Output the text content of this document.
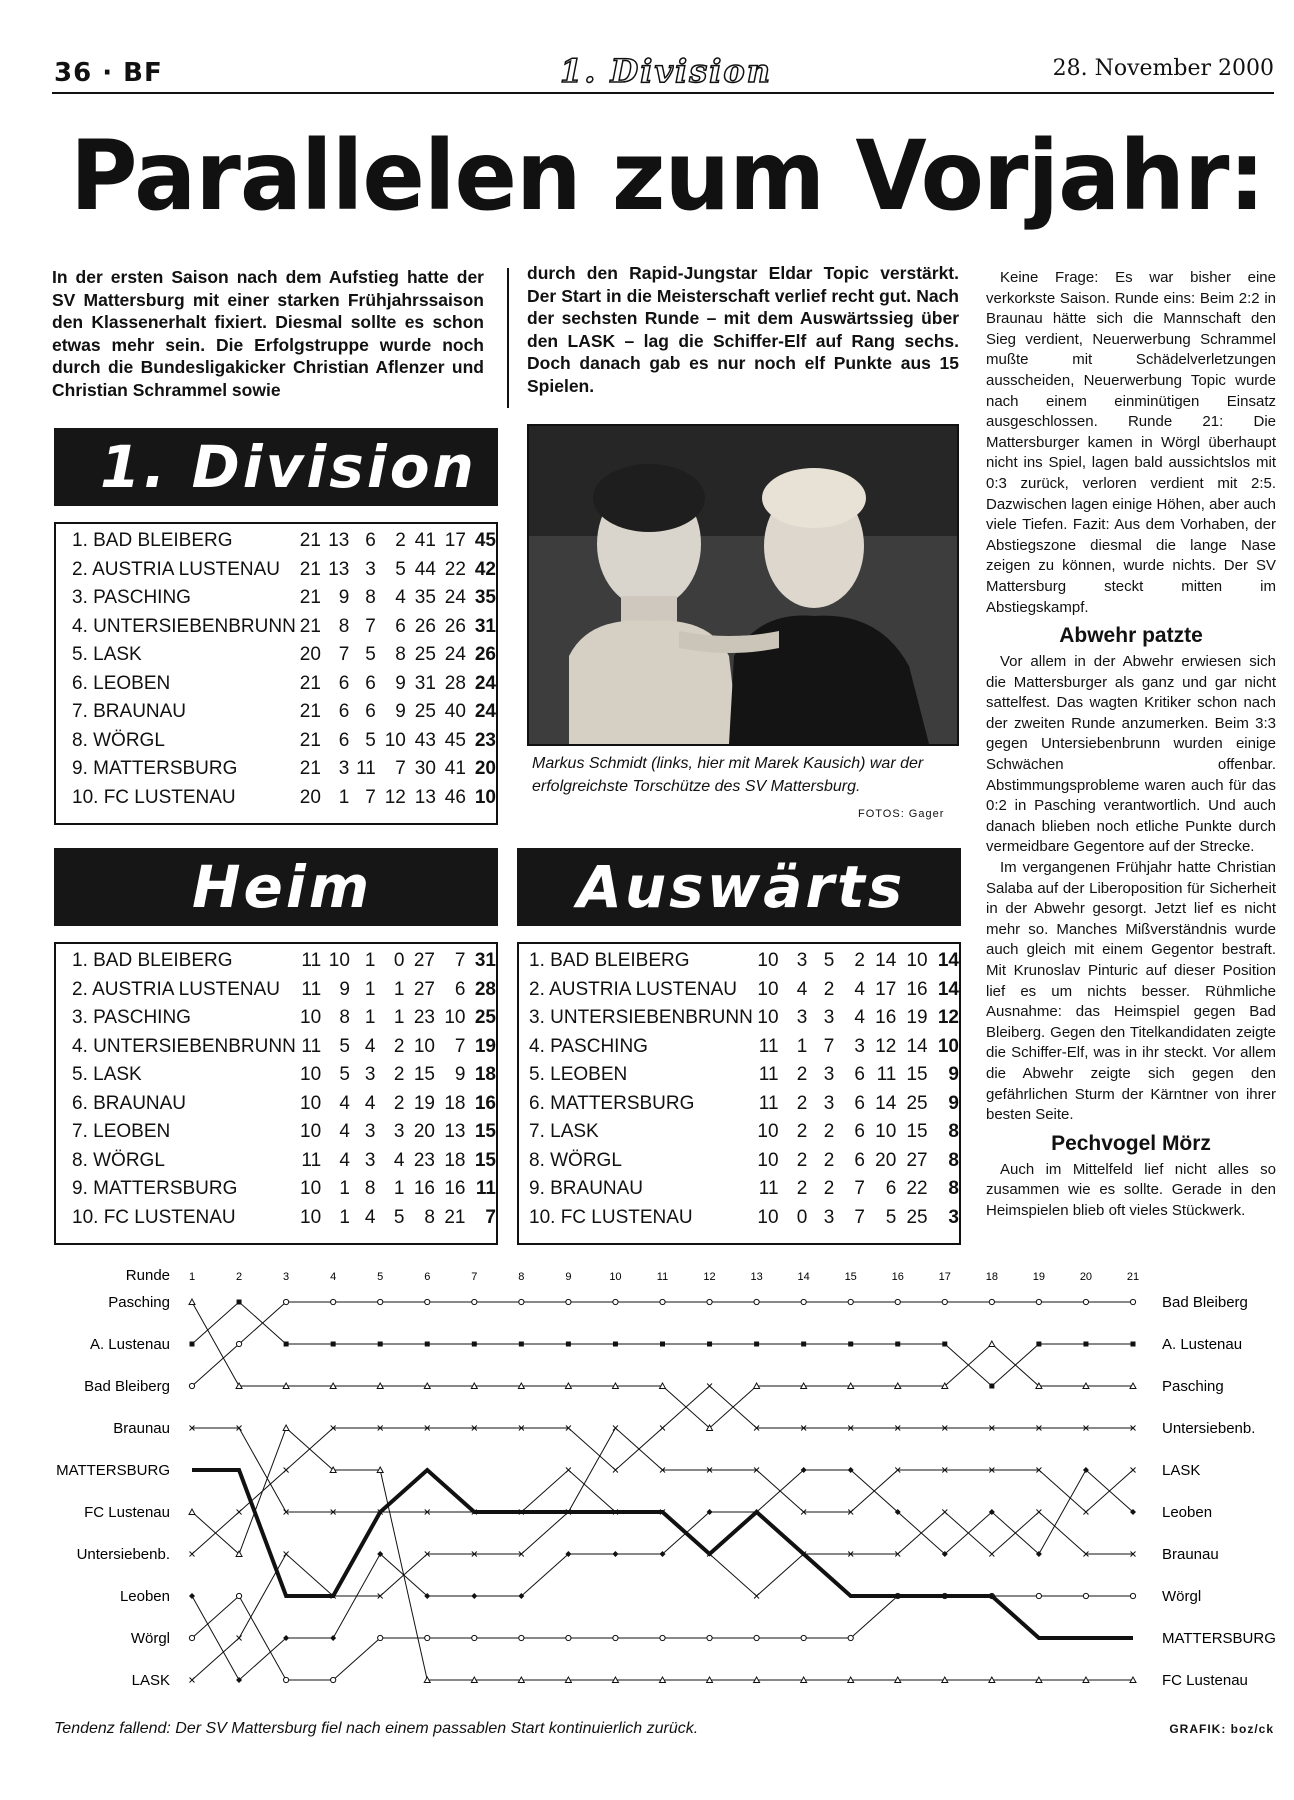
36 · BF	1. Division	28. November 2000
Parallelen zum Vorjahr:

In der ersten Saison nach dem Aufstieg hatte der SV Mattersburg mit einer starken Frühjahrssaison den Klassenerhalt fixiert. Diesmal sollte es schon etwas mehr sein. Die Erfolgstruppe wurde noch durch die Bundesligakicker Christian Aflenzer und Christian Schrammel sowie

durch den Rapid-Jungstar Eldar Topic verstärkt. Der Start in die Meisterschaft verlief recht gut. Nach der sechsten Runde – mit dem Auswärtssieg über den LASK – lag die Schiffer-Elf auf Rang sechs. Doch danach gab es nur noch elf Punkte aus 15 Spielen.

1. Division
1. BAD BLEIBERG	21	13	6	2	41	17	45
2. AUSTRIA LUSTENAU	21	13	3	5	44	22	42
3. PASCHING	21	9	8	4	35	24	35
4. UNTERSIEBENBRUNN	21	8	7	6	26	26	31
5. LASK	20	7	5	8	25	24	26
6. LEOBEN	21	6	6	9	31	28	24
7. BRAUNAU	21	6	6	9	25	40	24
8. WÖRGL	21	6	5	10	43	45	23
9. MATTERSBURG	21	3	11	7	30	41	20
10. FC LUSTENAU	20	1	7	12	13	46	10
Markus Schmidt (links, hier mit Marek Kausich) war der erfolgreichste Torschütze des SV Mattersburg.
FOTOS: Gager
Heim
1. BAD BLEIBERG	11	10	1	0	27	7	31
2. AUSTRIA LUSTENAU	11	9	1	1	27	6	28
3. PASCHING	10	8	1	1	23	10	25
4. UNTERSIEBENBRUNN	11	5	4	2	10	7	19
5. LASK	10	5	3	2	15	9	18
6. BRAUNAU	10	4	4	2	19	18	16
7. LEOBEN	10	4	3	3	20	13	15
8. WÖRGL	11	4	3	4	23	18	15
9. MATTERSBURG	10	1	8	1	16	16	11
10. FC LUSTENAU	10	1	4	5	8	21	7
Auswärts
1. BAD BLEIBERG	10	3	5	2	14	10	14
2. AUSTRIA LUSTENAU	10	4	2	4	17	16	14
3. UNTERSIEBENBRUNN	10	3	3	4	16	19	12
4. PASCHING	11	1	7	3	12	14	10
5. LEOBEN	11	2	3	6	11	15	9
6. MATTERSBURG	11	2	3	6	14	25	9
7. LASK	10	2	2	6	10	15	8
8. WÖRGL	10	2	2	6	20	27	8
9. BRAUNAU	11	2	2	7	6	22	8
10. FC LUSTENAU	10	0	3	7	5	25	3

Keine Frage: Es war bisher eine verkorkste Saison. Runde eins: Beim 2:2 in Braunau hätte sich die Mannschaft den Sieg verdient, Neuerwerbung Schrammel mußte mit Schädelverletzungen ausscheiden, Neuerwerbung Topic wurde nach einem einminütigen Einsatz ausgeschlossen. Runde 21: Die Mattersburger kamen in Wörgl überhaupt nicht ins Spiel, lagen bald aussichtslos mit 0:3 zurück, verloren verdient mit 2:5. Dazwischen lagen einige Höhen, aber auch viele Tiefen. Fazit: Aus dem Vorhaben, der Abstiegszone diesmal die lange Nase zeigen zu können, wurde nichts. Der SV Mattersburg steckt mitten im Abstiegskampf.

Abwehr patzte

Vor allem in der Abwehr erwiesen sich die Mattersburger als ganz und gar nicht sattelfest. Das wagten Kritiker schon nach der zweiten Runde anzumerken. Beim 3:3 gegen Untersiebenbrunn wurden einige Schwächen offenbar. Abstimmungsprobleme waren auch für das 0:2 in Pasching verantwortlich. Und auch danach blieben noch etliche Punkte durch vermeidbare Gegentore auf der Strecke.

Im vergangenen Frühjahr hatte Christian Salaba auf der Liberoposition für Sicherheit in der Abwehr gesorgt. Jetzt lief es nicht mehr so. Manches Mißverständnis wurde auch gleich mit einem Gegentor bestraft. Mit Krunoslav Pinturic auf dieser Position lief es um nichts besser. Rühmliche Ausnahme: das Heimspiel gegen Bad Bleiberg. Gegen den Titelkandidaten zeigte die Schiffer-Elf, was in ihr steckt. Vor allem die Abwehr zeigte sich gegen den gefährlichen Sturm der Kärntner von ihrer besten Seite.

Pechvogel Mörz

Auch im Mittelfeld lief nicht alles so zusammen wie es sollte. Gerade in den Heimspielen blieb oft vieles Stückwerk.

Runde 1	2	3	4	5	6	7	8	9	10	11	12	13	14	15	16	17	18	19	20	21
Pasching
A. Lustenau
Bad Bleiberg
Braunau
MATTERSBURG
FC Lustenau
Untersiebenb.
Leoben
Wörgl
LASK
Bad Bleiberg
A. Lustenau
Pasching
Untersiebenb.
LASK
Leoben
Braunau
Wörgl
MATTERSBURG
FC Lustenau
Tendenz fallend: Der SV Mattersburg fiel nach einem passablen Start kontinuierlich zurück.	GRAFIK: boz/ck
